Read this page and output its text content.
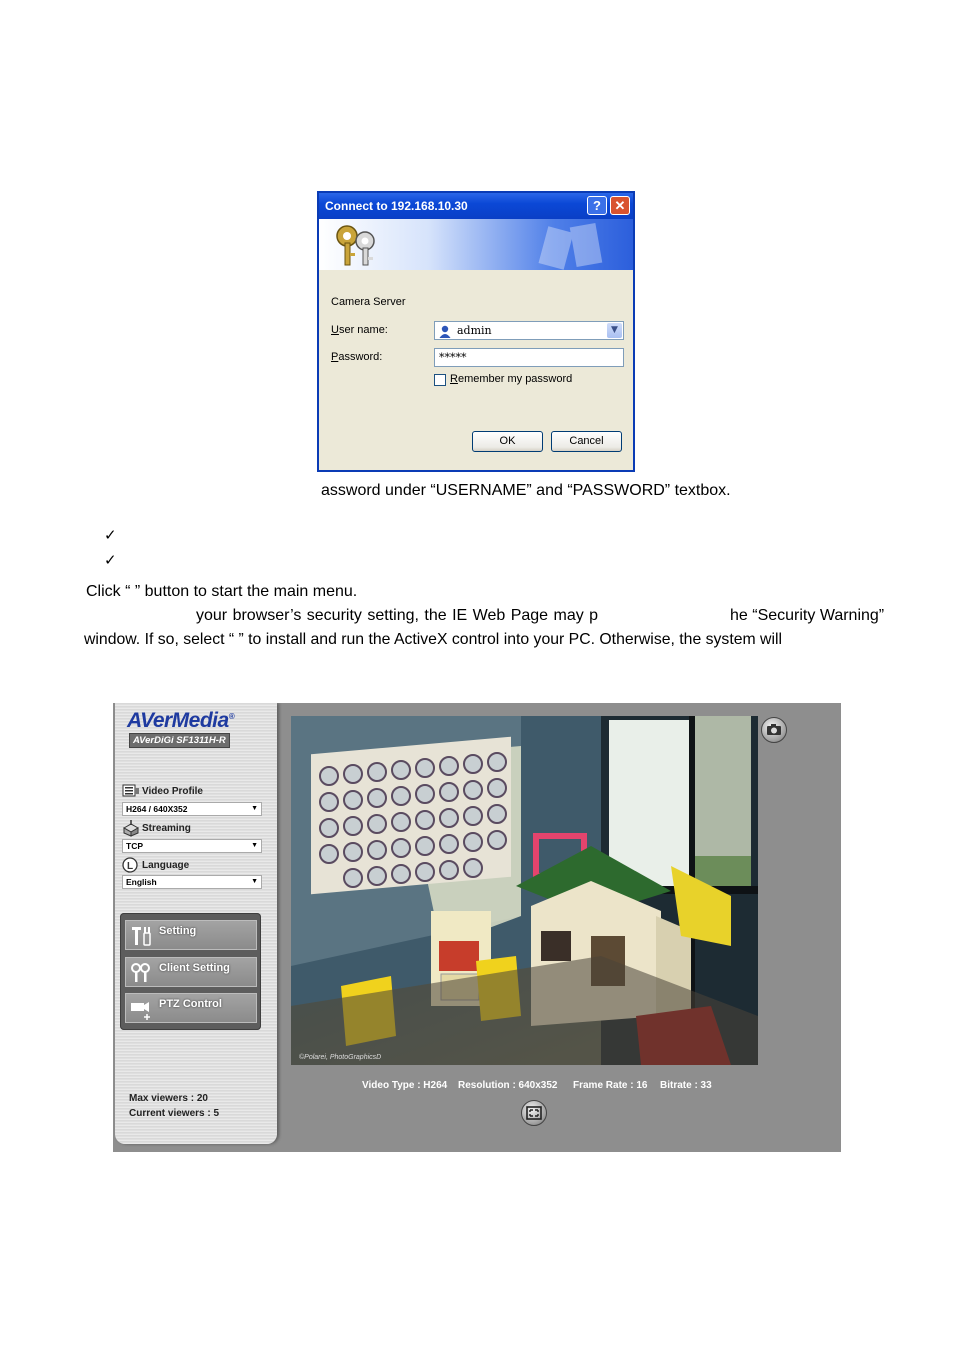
Connect to 192.168.10.30	?	✕
Camera Server
User name:	admin	▼
Password:	*****
Remember my password
OK	Cancel
assword under “USERNAME” and “PASSWORD” textbox.
✓
✓
Click “ ” button to start the main menu.
your browser’s security setting, the IE Web Page may p	he “Security Warning”
window. If so, select “ ” to install and run the ActiveX control into your PC. Otherwise, the system will
AVerMedia®
AVerDiGi SF1311H-R
Video Profile
H264 / 640X352	▼
Streaming
TCP	▼
L Language
English	▼
Setting
Client Setting
PTZ Control
Max viewers : 20
Current viewers : 5
©Polarei, PhotoGraphicsD
Video Type : H264 Resolution : 640x352 Frame Rate : 16 Bitrate : 33
